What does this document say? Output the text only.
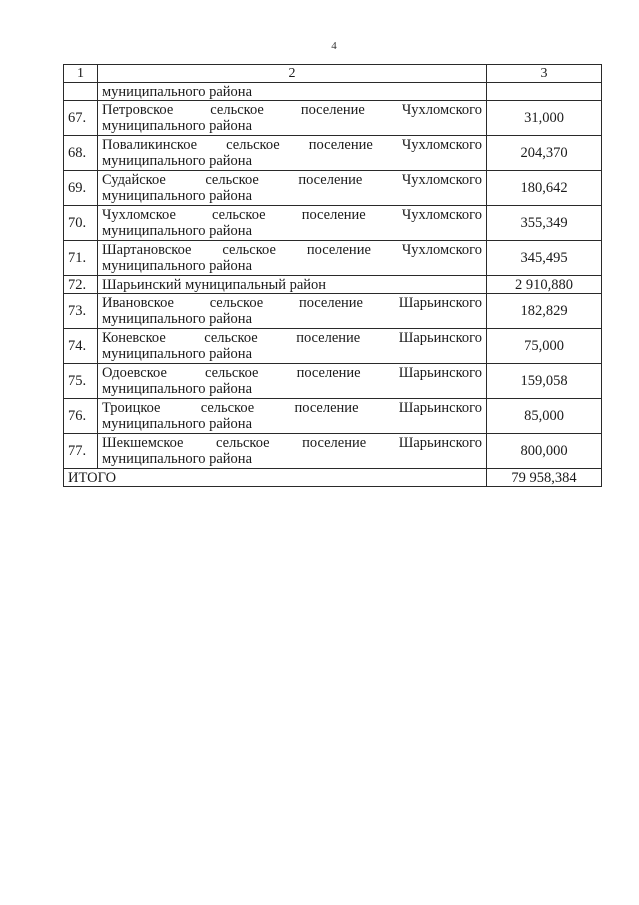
4
1	2	3
	муниципального района	
67.	Петровское сельское поселение Чухломского
муниципального района	31,000
68.	Поваликинское сельское поселение Чухломского
муниципального района	204,370
69.	Судайское сельское поселение Чухломского
муниципального района	180,642
70.	Чухломское сельское поселение Чухломского
муниципального района	355,349
71.	Шартановское сельское поселение Чухломского
муниципального района	345,495
72.	Шарьинский муниципальный район	2 910,880
73.	Ивановское сельское поселение Шарьинского
муниципального района	182,829
74.	Коневское сельское поселение Шарьинского
муниципального района	75,000
75.	Одоевское сельское поселение Шарьинского
муниципального района	159,058
76.	Троицкое сельское поселение Шарьинского
муниципального района	85,000
77.	Шекшемское сельское поселение Шарьинского
муниципального района	800,000
ИТОГО		79 958,384
